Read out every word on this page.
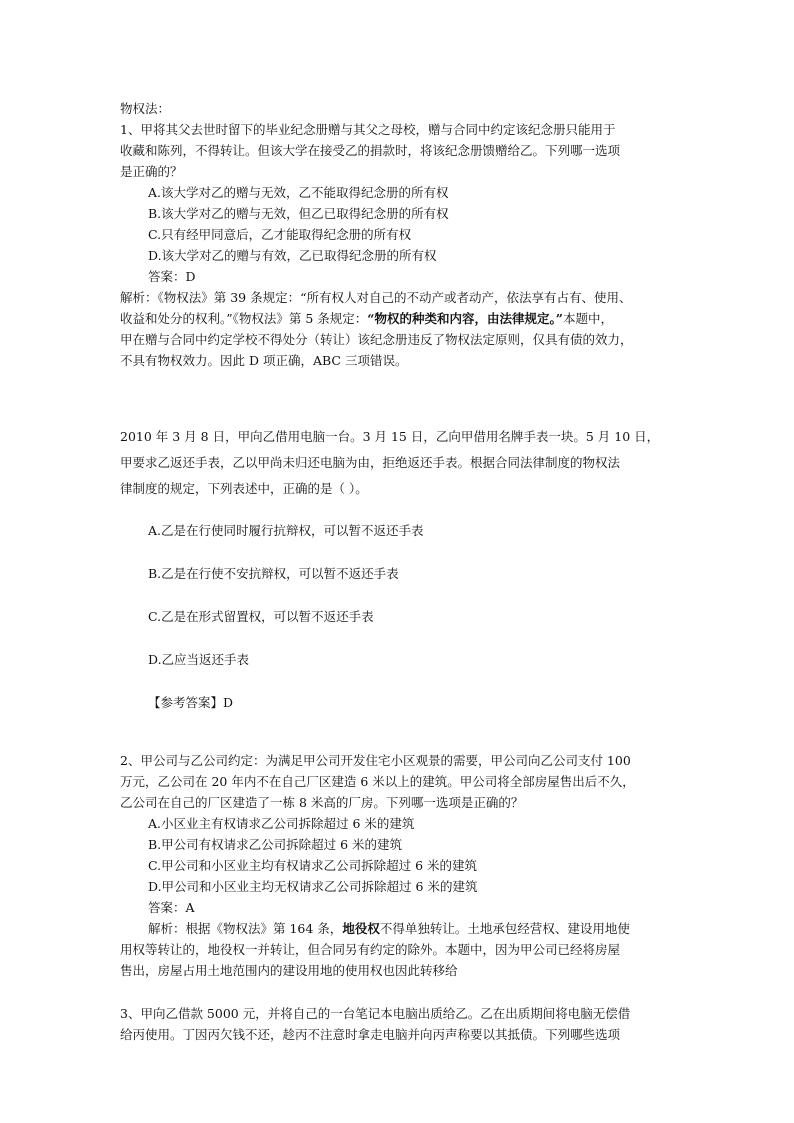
物权法：
1、甲将其父去世时留下的毕业纪念册赠与其父之母校，赠与合同中约定该纪念册只能用于
收藏和陈列，不得转让。但该大学在接受乙的捐款时，将该纪念册馈赠给乙。下列哪一选项
是正确的？
A.该大学对乙的赠与无效，乙不能取得纪念册的所有权
B.该大学对乙的赠与无效，但乙已取得纪念册的所有权
C.只有经甲同意后，乙才能取得纪念册的所有权
D.该大学对乙的赠与有效，乙已取得纪念册的所有权
答案：D
解析：《物权法》第 39 条规定：“所有权人对自己的不动产或者动产，依法享有占有、使用、
收益和处分的权利。”《物权法》第 5 条规定：“物权的种类和内容，由法律规定。”本题中，
甲在赠与合同中约定学校不得处分（转让）该纪念册违反了物权法定原则，仅具有债的效力，
不具有物权效力。因此 D 项正确，ABC 三项错误。
2010 年 3 月 8 日，甲向乙借用电脑一台。3 月 15 日，乙向甲借用名牌手表一块。5 月 10 日，
甲要求乙返还手表，乙以甲尚未归还电脑为由，拒绝返还手表。根据合同法律制度的物权法
律制度的规定，下列表述中，正确的是（ ）。
A.乙是在行使同时履行抗辩权，可以暂不返还手表
B.乙是在行使不安抗辩权，可以暂不返还手表
C.乙是在形式留置权，可以暂不返还手表
D.乙应当返还手表
【参考答案】D
2、甲公司与乙公司约定：为满足甲公司开发住宅小区观景的需要，甲公司向乙公司支付 100
万元，乙公司在 20 年内不在自己厂区建造 6 米以上的建筑。甲公司将全部房屋售出后不久，
乙公司在自己的厂区建造了一栋 8 米高的厂房。下列哪一选项是正确的？
A.小区业主有权请求乙公司拆除超过 6 米的建筑
B.甲公司有权请求乙公司拆除超过 6 米的建筑
C.甲公司和小区业主均有权请求乙公司拆除超过 6 米的建筑
D.甲公司和小区业主均无权请求乙公司拆除超过 6 米的建筑
答案：A
解析：根据《物权法》第 164 条，地役权不得单独转让。土地承包经营权、建设用地使
用权等转让的，地役权一并转让，但合同另有约定的除外。本题中，因为甲公司已经将房屋
售出，房屋占用土地范围内的建设用地的使用权也因此转移给
3、甲向乙借款 5000 元，并将自己的一台笔记本电脑出质给乙。乙在出质期间将电脑无偿借
给丙使用。丁因丙欠钱不还，趁丙不注意时拿走电脑并向丙声称要以其抵债。下列哪些选项
